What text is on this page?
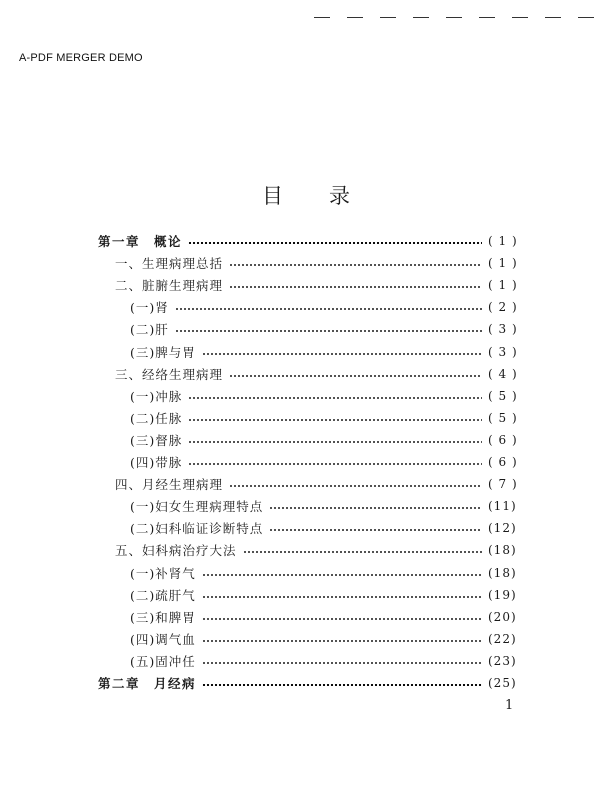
A-PDF MERGER DEMO
目录
第一章　概论	( 1 )
一、生理病理总括	( 1 )
二、脏腑生理病理	( 1 )
(一)肾	( 2 )
(二)肝	( 3 )
(三)脾与胃	( 3 )
三、经络生理病理	( 4 )
(一)冲脉	( 5 )
(二)任脉	( 5 )
(三)督脉	( 6 )
(四)带脉	( 6 )
四、月经生理病理	( 7 )
(一)妇女生理病理特点	(11)
(二)妇科临证诊断特点	(12)
五、妇科病治疗大法	(18)
(一)补肾气	(18)
(二)疏肝气	(19)
(三)和脾胃	(20)
(四)调气血	(22)
(五)固冲任	(23)
第二章　月经病	(25)
1
